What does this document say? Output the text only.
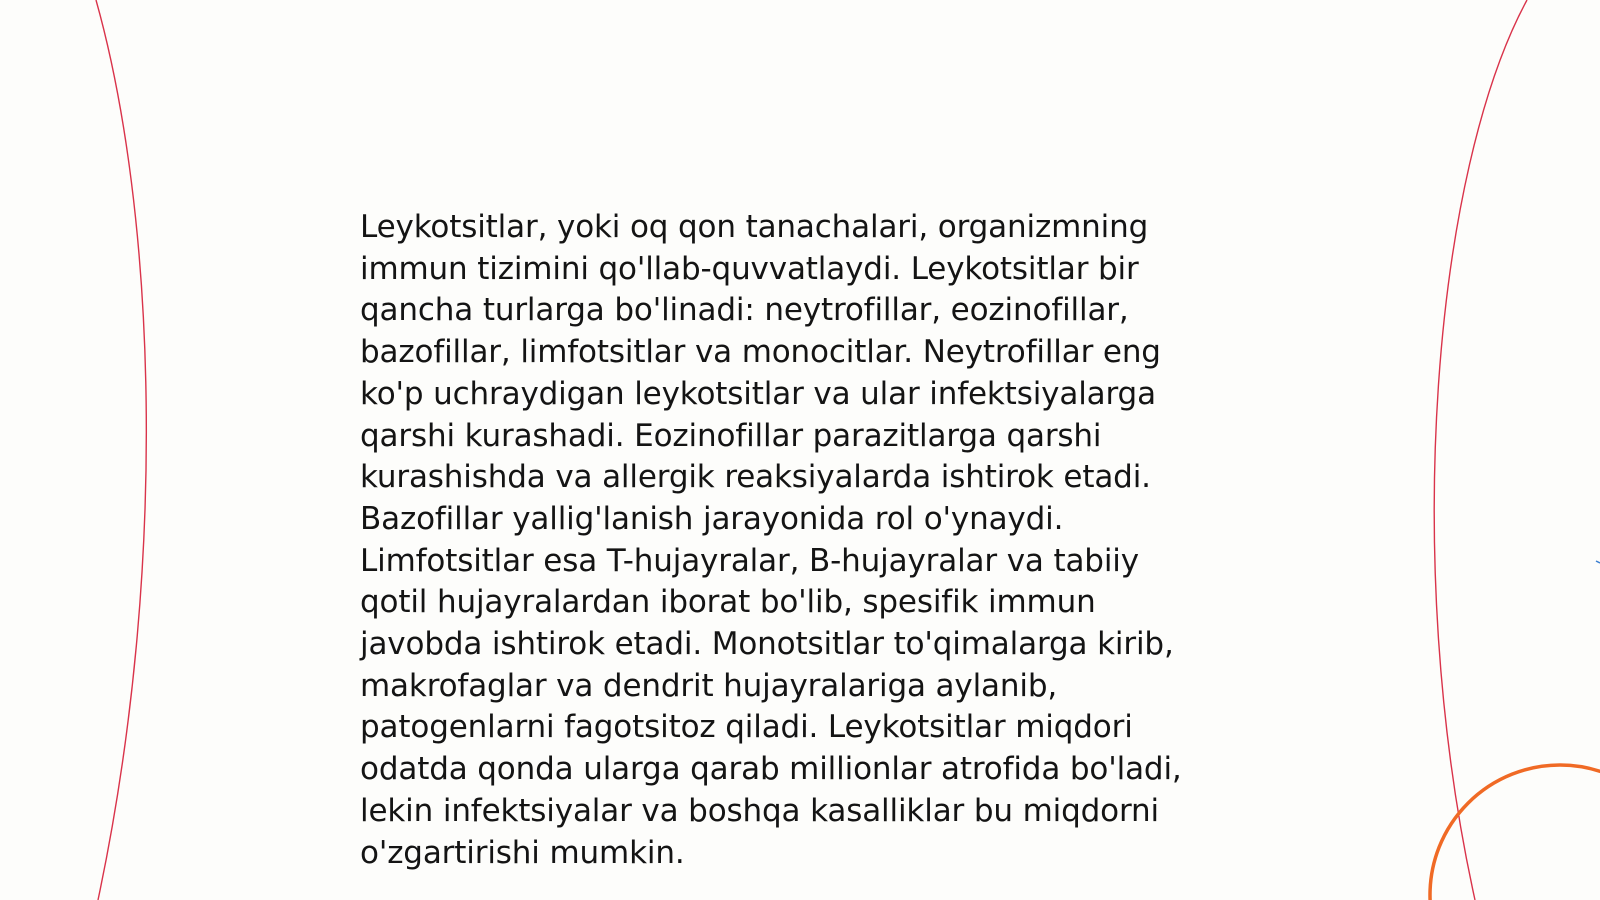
Leykotsitlar, yoki oq qon tanachalari, organizmning
immun tizimini qo'llab-quvvatlaydi. Leykotsitlar bir
qancha turlarga bo'linadi: neytrofillar, eozinofillar,
bazofillar, limfotsitlar va monocitlar. Neytrofillar eng
ko'p uchraydigan leykotsitlar va ular infektsiyalarga
qarshi kurashadi. Eozinofillar parazitlarga qarshi
kurashishda va allergik reaksiyalarda ishtirok etadi.
Bazofillar yallig'lanish jarayonida rol o'ynaydi.
Limfotsitlar esa T-hujayralar, B-hujayralar va tabiiy
qotil hujayralardan iborat bo'lib, spesifik immun
javobda ishtirok etadi. Monotsitlar to'qimalarga kirib,
makrofaglar va dendrit hujayralariga aylanib,
patogenlarni fagotsitoz qiladi. Leykotsitlar miqdori
odatda qonda ularga qarab millionlar atrofida bo'ladi,
lekin infektsiyalar va boshqa kasalliklar bu miqdorni
o'zgartirishi mumkin.
